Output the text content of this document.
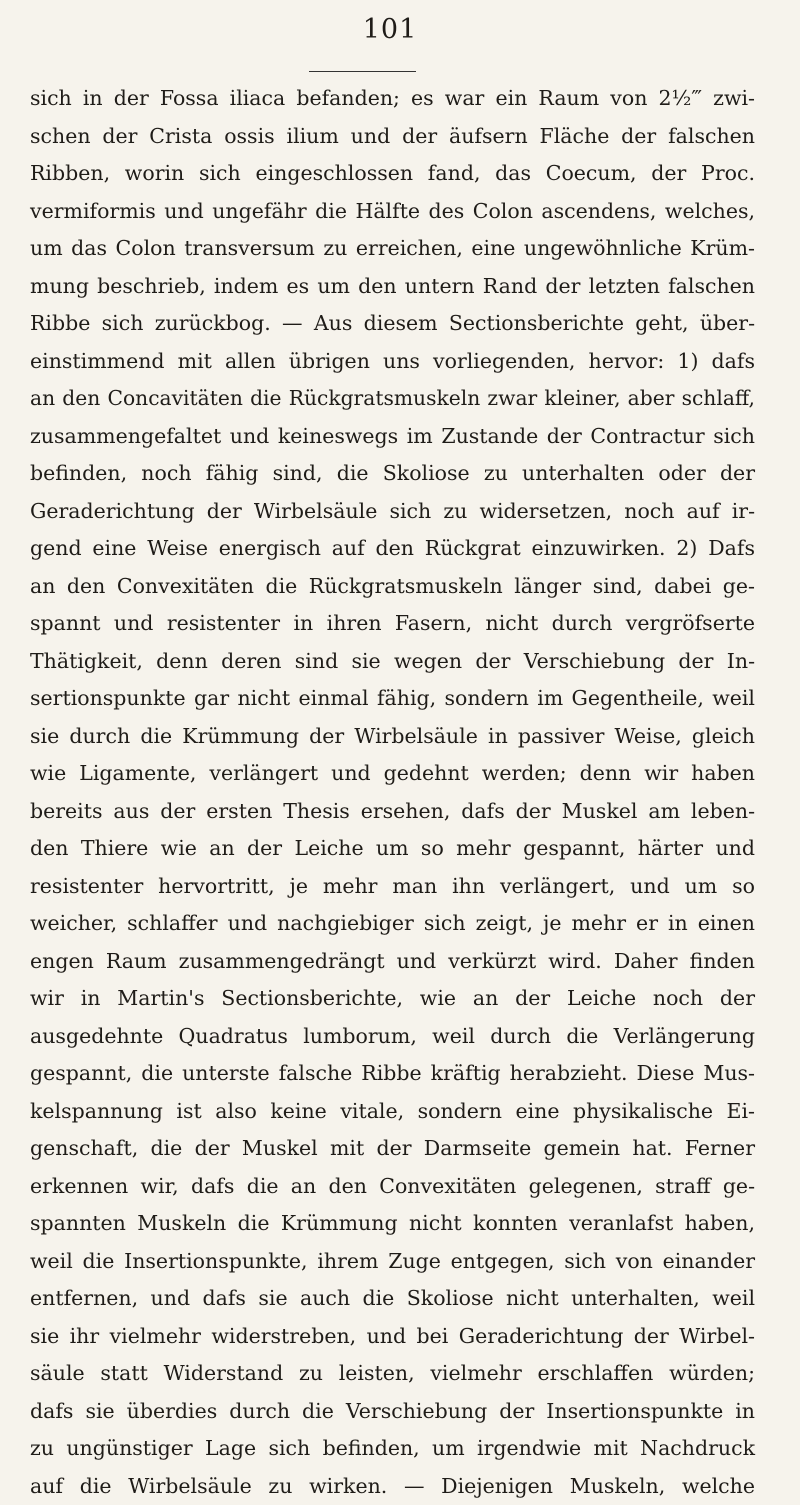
101
sich in der Fossa iliaca befanden; es war ein Raum von 2½‴ zwi-
schen der Crista ossis ilium und der äufsern Fläche der falschen
Ribben, worin sich eingeschlossen fand, das Coecum, der Proc.
vermiformis und ungefähr die Hälfte des Colon ascendens, welches,
um das Colon transversum zu erreichen, eine ungewöhnliche Krüm-
mung beschrieb, indem es um den untern Rand der letzten falschen
Ribbe sich zurückbog. — Aus diesem Sectionsberichte geht, über-
einstimmend mit allen übrigen uns vorliegenden, hervor: 1) dafs
an den Concavitäten die Rückgratsmuskeln zwar kleiner, aber schlaff,
zusammengefaltet und keineswegs im Zustande der Contractur sich
befinden, noch fähig sind, die Skoliose zu unterhalten oder der
Geraderichtung der Wirbelsäule sich zu widersetzen, noch auf ir-
gend eine Weise energisch auf den Rückgrat einzuwirken. 2) Dafs
an den Convexitäten die Rückgratsmuskeln länger sind, dabei ge-
spannt und resistenter in ihren Fasern, nicht durch vergröfserte
Thätigkeit, denn deren sind sie wegen der Verschiebung der In-
sertionspunkte gar nicht einmal fähig, sondern im Gegentheile, weil
sie durch die Krümmung der Wirbelsäule in passiver Weise, gleich
wie Ligamente, verlängert und gedehnt werden; denn wir haben
bereits aus der ersten Thesis ersehen, dafs der Muskel am leben-
den Thiere wie an der Leiche um so mehr gespannt, härter und
resistenter hervortritt, je mehr man ihn verlängert, und um so
weicher, schlaffer und nachgiebiger sich zeigt, je mehr er in einen
engen Raum zusammengedrängt und verkürzt wird. Daher finden
wir in Martin's Sectionsberichte, wie an der Leiche noch der
ausgedehnte Quadratus lumborum, weil durch die Verlängerung
gespannt, die unterste falsche Ribbe kräftig herabzieht. Diese Mus-
kelspannung ist also keine vitale, sondern eine physikalische Ei-
genschaft, die der Muskel mit der Darmseite gemein hat. Ferner
erkennen wir, dafs die an den Convexitäten gelegenen, straff ge-
spannten Muskeln die Krümmung nicht konnten veranlafst haben,
weil die Insertionspunkte, ihrem Zuge entgegen, sich von einander
entfernen, und dafs sie auch die Skoliose nicht unterhalten, weil
sie ihr vielmehr widerstreben, und bei Geraderichtung der Wirbel-
säule statt Widerstand zu leisten, vielmehr erschlaffen würden;
dafs sie überdies durch die Verschiebung der Insertionspunkte in
zu ungünstiger Lage sich befinden, um irgendwie mit Nachdruck
auf die Wirbelsäule zu wirken. — Diejenigen Muskeln, welche
